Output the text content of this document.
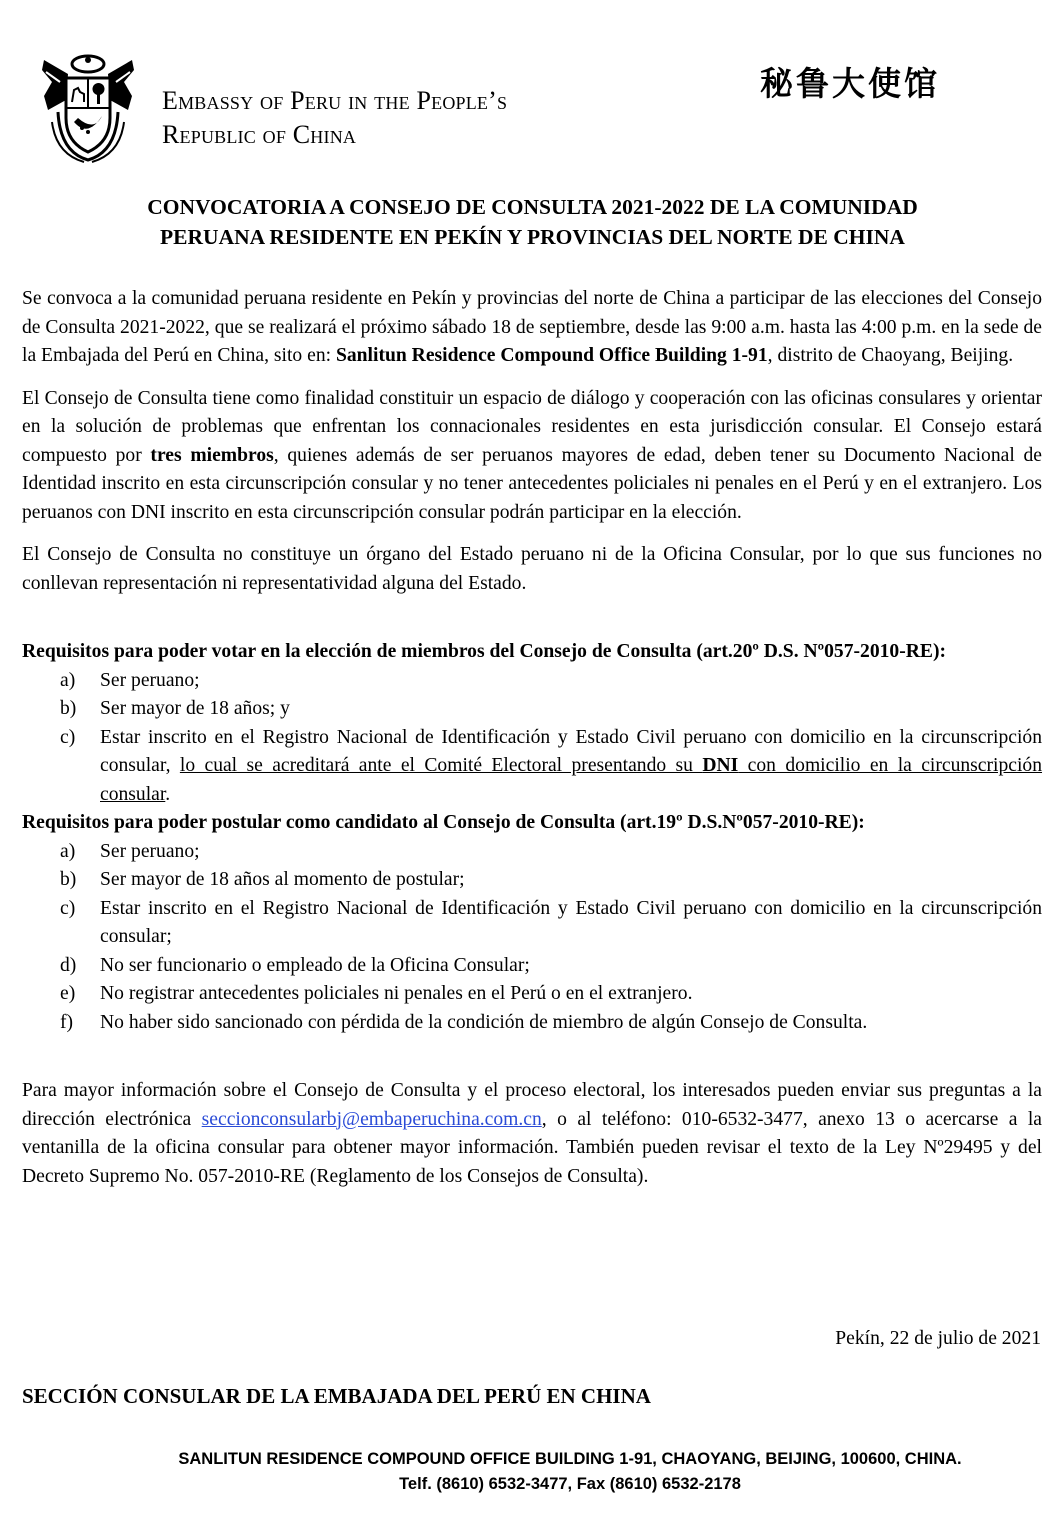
Embassy of Peru in the People’s
Republic of China
秘鲁大使馆
CONVOCATORIA A CONSEJO DE CONSULTA 2021-2022 DE LA COMUNIDAD
PERUANA RESIDENTE EN PEKÍN Y PROVINCIAS DEL NORTE DE CHINA

Se convoca a la comunidad peruana residente en Pekín y provincias del norte de China a participar de las elecciones del Consejo de Consulta 2021-2022, que se realizará el próximo sábado 18 de septiembre, desde las 9:00 a.m. hasta las 4:00 p.m. en la sede de la Embajada del Perú en China, sito en: Sanlitun Residence Compound Office Building 1-91, distrito de Chaoyang, Beijing.

El Consejo de Consulta tiene como finalidad constituir un espacio de diálogo y cooperación con las oficinas consulares y orientar en la solución de problemas que enfrentan los connacionales residentes en esta jurisdicción consular. El Consejo estará compuesto por tres miembros, quienes además de ser peruanos mayores de edad, deben tener su Documento Nacional de Identidad inscrito en esta circunscripción consular y no tener antecedentes policiales ni penales en el Perú y en el extranjero. Los peruanos con DNI inscrito en esta circunscripción consular podrán participar en la elección.

El Consejo de Consulta no constituye un órgano del Estado peruano ni de la Oficina Consular, por lo que sus funciones no conllevan representación ni representatividad alguna del Estado.

Requisitos para poder votar en la elección de miembros del Consejo de Consulta (art.20º D.S. Nº057-2010-RE):

a) Ser peruano;
b) Ser mayor de 18 años; y
c) Estar inscrito en el Registro Nacional de Identificación y Estado Civil peruano con domicilio en la circunscripción consular, lo cual se acreditará ante el Comité Electoral presentando su DNI con domicilio en la circunscripción consular.

Requisitos para poder postular como candidato al Consejo de Consulta (art.19º D.S.Nº057-2010-RE):

a) Ser peruano;
b) Ser mayor de 18 años al momento de postular;
c) Estar inscrito en el Registro Nacional de Identificación y Estado Civil peruano con domicilio en la circunscripción consular;
d) No ser funcionario o empleado de la Oficina Consular;
e) No registrar antecedentes policiales ni penales en el Perú o en el extranjero.
f) No haber sido sancionado con pérdida de la condición de miembro de algún Consejo de Consulta.

Para mayor información sobre el Consejo de Consulta y el proceso electoral, los interesados pueden enviar sus preguntas a la dirección electrónica seccionconsularbj@embaperuchina.com.cn, o al teléfono: 010-6532-3477, anexo 13 o acercarse a la ventanilla de la oficina consular para obtener mayor información. También pueden revisar el texto de la Ley Nº29495 y del Decreto Supremo No. 057-2010-RE (Reglamento de los Consejos de Consulta).

Pekín, 22 de julio de 2021
SECCIÓN CONSULAR DE LA EMBAJADA DEL PERÚ EN CHINA
SANLITUN RESIDENCE COMPOUND OFFICE BUILDING 1-91, CHAOYANG, BEIJING, 100600, CHINA.
Telf. (8610) 6532-3477, Fax (8610) 6532-2178
